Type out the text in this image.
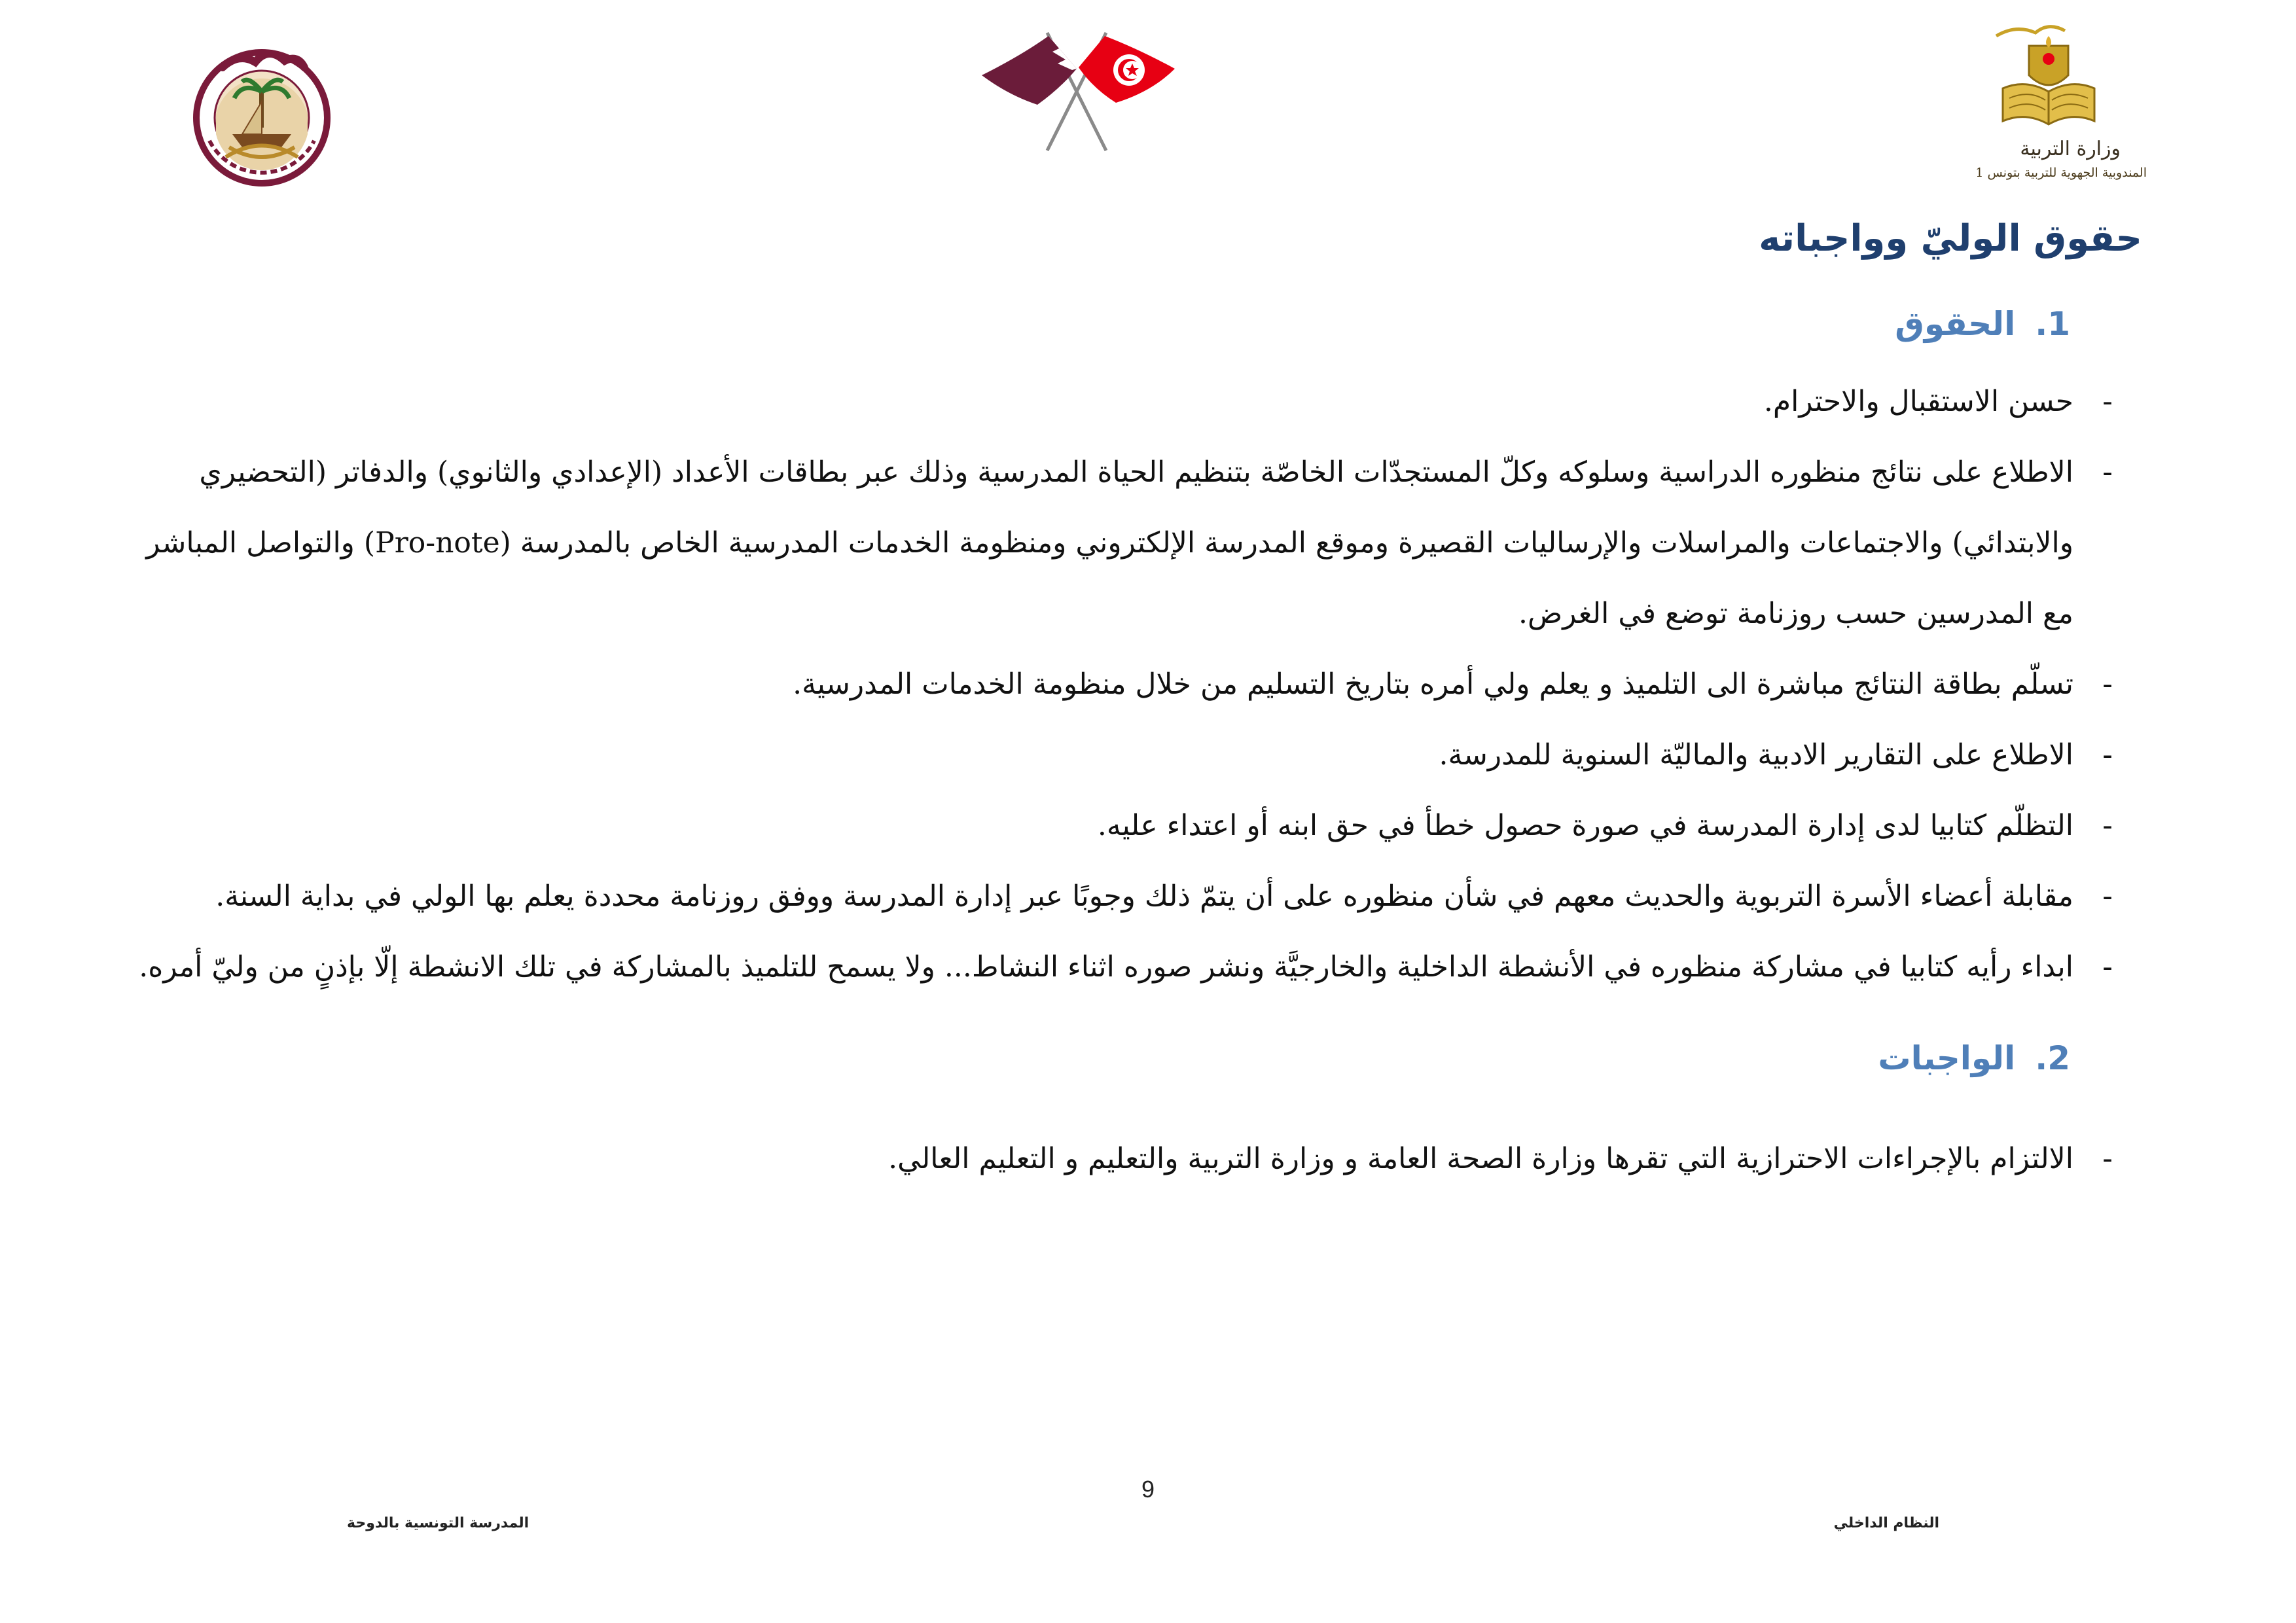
وزارة التربية
المندوبية الجهوية للتربية بتونس 1
حقوق الوليّ وواجباته
1.الحقوق
-
حسن الاستقبال والاحترام.
-
الاطلاع على نتائج منظوره الدراسية وسلوكه وكلّ المستجدّات الخاصّة بتنظيم الحياة المدرسية وذلك عبر بطاقات الأعداد (الإعدادي والثانوي) والدفاتر (التحضيري والابتدائي) والاجتماعات والمراسلات والإرساليات القصيرة وموقع المدرسة الإلكتروني ومنظومة الخدمات المدرسية الخاص بالمدرسة (Pro-note) والتواصل المباشر مع المدرسين حسب روزنامة توضع في الغرض.
-
تسلّم بطاقة النتائج مباشرة الى التلميذ و يعلم ولي أمره بتاريخ التسليم من خلال منظومة الخدمات المدرسية.
-
الاطلاع على التقارير الادبية والماليّة السنوية للمدرسة.
-
التظلّم كتابيا لدى إدارة المدرسة في صورة حصول خطأ في حق ابنه أو اعتداء عليه.
-
مقابلة أعضاء الأسرة التربوية والحديث معهم في شأن منظوره على أن يتمّ ذلك وجوبًا عبر إدارة المدرسة ووفق روزنامة محددة يعلم بها الولي في بداية السنة.
-
ابداء رأيه كتابيا في مشاركة منظوره في الأنشطة الداخلية والخارجيَّة ونشر صوره اثناء النشاط... ولا يسمح للتلميذ بالمشاركة في تلك الانشطة إلّا بإذنٍ من وليّ أمره.
2.الواجبات
-
الالتزام بالإجراءات الاحترازية التي تقرها وزارة الصحة العامة و وزارة التربية والتعليم و التعليم العالي.
9
النظام الداخلي
المدرسة التونسية بالدوحة
